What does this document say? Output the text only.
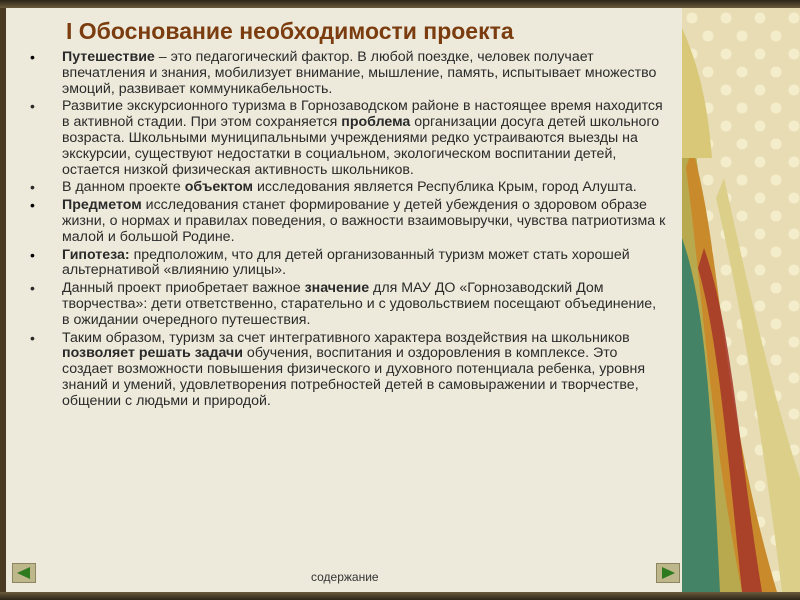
I Обоснование необходимости проекта
• Путешествие – это педагогический фактор. В любой поездке, человек получает впечатления и знания, мобилизует внимание, мышление, память, испытывает множество эмоций, развивает коммуникабельность.
• Развитие экскурсионного туризма в Горнозаводском районе в настоящее время находится в активной стадии. При этом сохраняется проблема организации досуга детей школьного возраста. Школьными муниципальными учреждениями редко устраиваются выезды на экскурсии, существуют недостатки в социальном, экологическом воспитании детей, остается низкой физическая активность школьников.
• В данном проекте объектом исследования является Республика Крым, город Алушта.
• Предметом исследования станет формирование у детей убеждения о здоровом образе жизни, о нормах и правилах поведения, о важности взаимовыручки, чувства патриотизма к малой и большой Родине.
• Гипотеза: предположим, что для детей организованный туризм может стать хорошей альтернативой «влиянию улицы».
• Данный проект приобретает важное значение для МАУ ДО «Горнозаводский Дом творчества»: дети ответственно, старательно и с удовольствием посещают объединение, в ожидании очередного путешествия.
• Таким образом, туризм за счет интегративного характера воздействия на школьников позволяет решать задачи обучения, воспитания и оздоровления в комплексе. Это создает возможности повышения физического и духовного потенциала ребенка, уровня знаний и умений, удовлетворения потребностей детей в самовыражении и творчестве, общении с людьми и природой.
содержание
